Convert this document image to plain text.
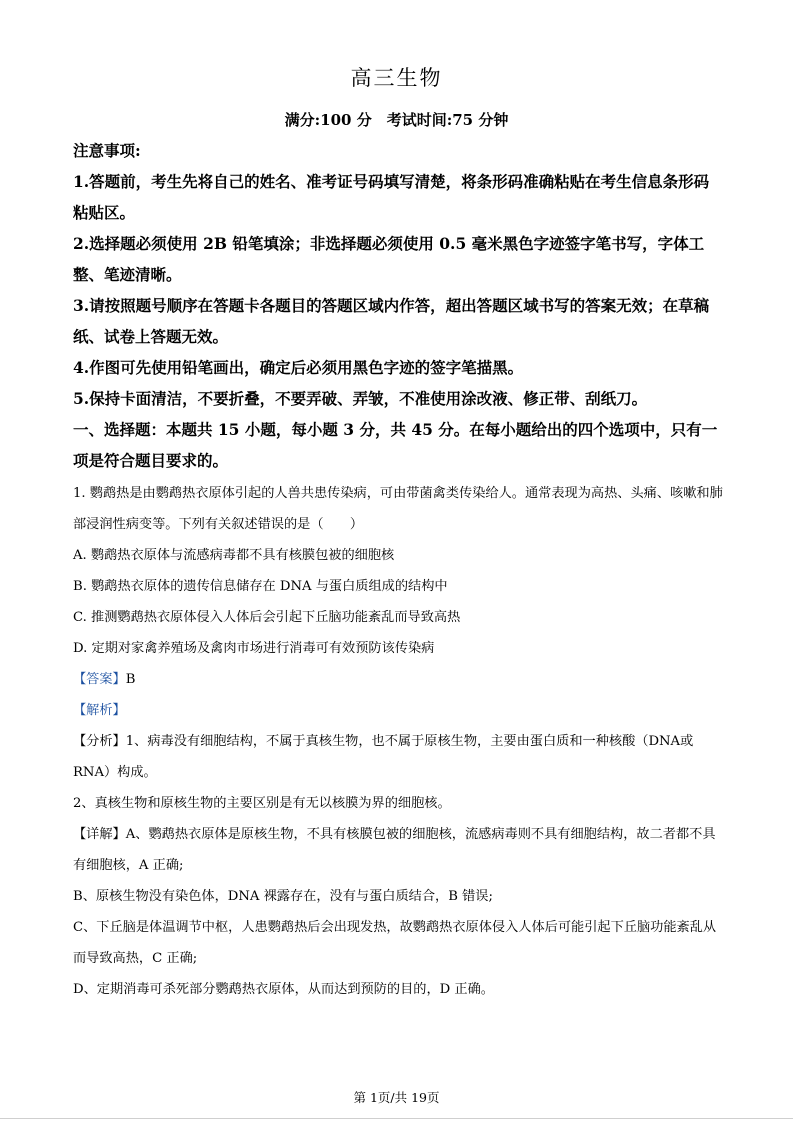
高三生物
满分:100 分　考试时间:75 分钟

注意事项:

1.答题前，考生先将自己的姓名、准考证号码填写清楚，将条形码准确粘贴在考生信息条形码粘贴区。

2.选择题必须使用 2B 铅笔填涂；非选择题必须使用 0.5 毫米黑色字迹签字笔书写，字体工整、笔迹清晰。

3.请按照题号顺序在答题卡各题目的答题区域内作答，超出答题区域书写的答案无效；在草稿纸、试卷上答题无效。

4.作图可先使用铅笔画出，确定后必须用黑色字迹的签字笔描黑。

5.保持卡面清洁，不要折叠，不要弄破、弄皱，不准使用涂改液、修正带、刮纸刀。

一、选择题：本题共 15 小题，每小题 3 分，共 45 分。在每小题给出的四个选项中，只有一项是符合题目要求的。

1. 鹦鹉热是由鹦鹉热衣原体引起的人兽共患传染病，可由带菌禽类传染给人。通常表现为高热、头痛、咳嗽和肺部浸润性病变等。下列有关叙述错误的是（　　）

A. 鹦鹉热衣原体与流感病毒都不具有核膜包被的细胞核

B. 鹦鹉热衣原体的遗传信息储存在 DNA 与蛋白质组成的结构中

C. 推测鹦鹉热衣原体侵入人体后会引起下丘脑功能紊乱而导致高热

D. 定期对家禽养殖场及禽肉市场进行消毒可有效预防该传染病

【答案】B

【解析】

【分析】1、病毒没有细胞结构，不属于真核生物，也不属于原核生物，主要由蛋白质和一种核酸（DNA或 RNA）构成。

2、真核生物和原核生物的主要区别是有无以核膜为界的细胞核。

【详解】A、鹦鹉热衣原体是原核生物，不具有核膜包被的细胞核，流感病毒则不具有细胞结构，故二者都不具有细胞核，A 正确;

B、原核生物没有染色体，DNA 裸露存在，没有与蛋白质结合，B 错误;

C、下丘脑是体温调节中枢，人患鹦鹉热后会出现发热，故鹦鹉热衣原体侵入人体后可能引起下丘脑功能紊乱从而导致高热，C 正确;

D、定期消毒可杀死部分鹦鹉热衣原体，从而达到预防的目的，D 正确。

第 1页/共 19页
